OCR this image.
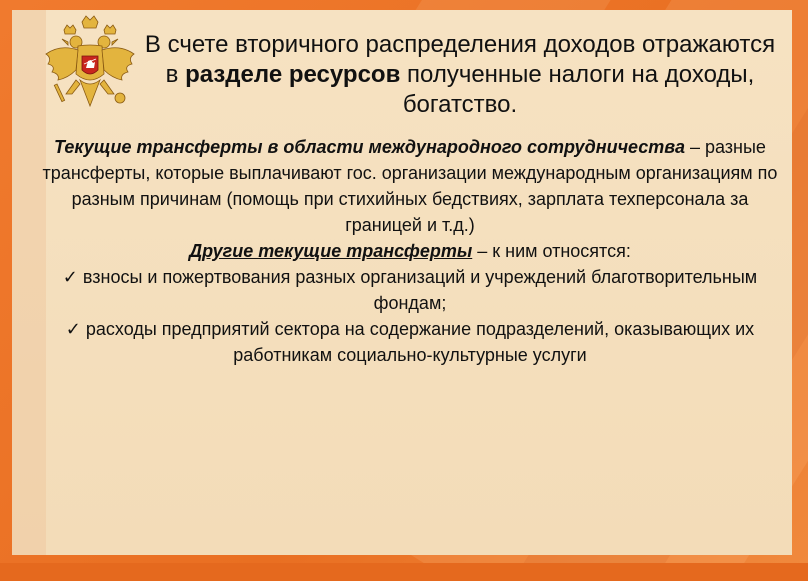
В счете вторичного распределения доходов отражаются в разделе ресурсов полученные налоги на доходы, богатство.

Текущие трансферты в области международного сотрудничества – разные трансферты, которые выплачивают гос. организации международным организациям по разным причинам (помощь при стихийных бедствиях, зарплата техперсонала за границей и т.д.)

Другие текущие трансферты – к ним относятся:

✓ взносы и пожертвования разных организаций и учреждений благотворительным фондам;

✓ расходы предприятий сектора на содержание подразделений, оказывающих их работникам социально-культурные услуги
